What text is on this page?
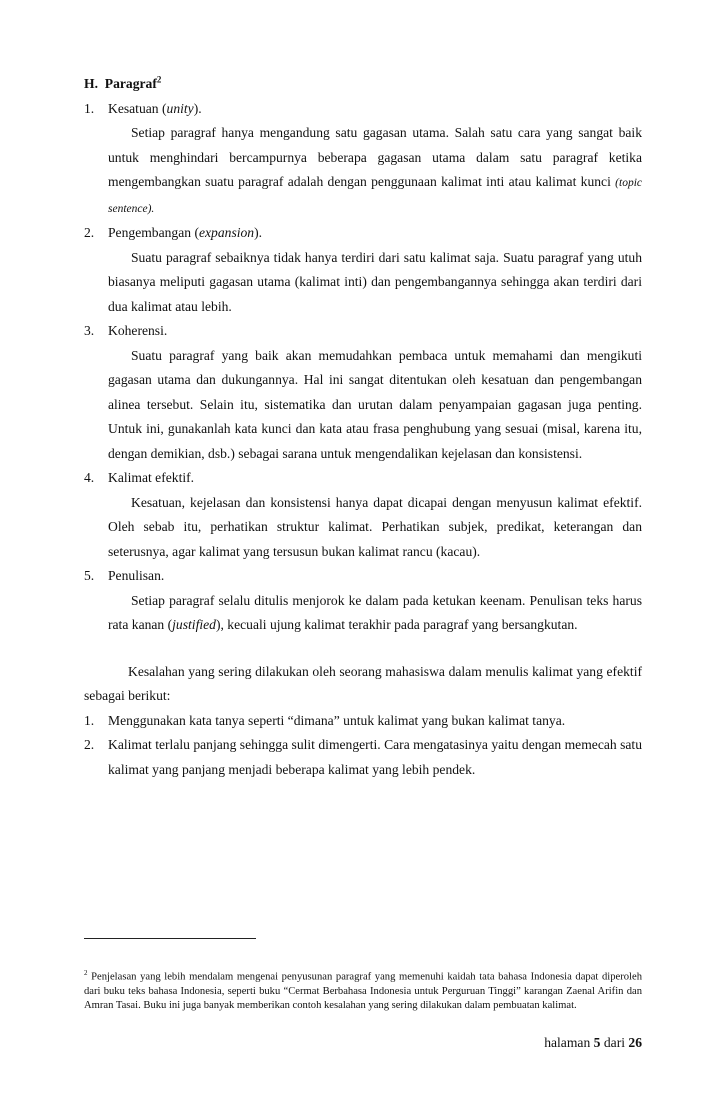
H. Paragraf$^2$

1. Kesatuan (unity).

Setiap paragraf hanya mengandung satu gagasan utama. Salah satu cara yang sangat baik untuk menghindari bercampurnya beberapa gagasan utama dalam satu paragraf ketika mengembangkan suatu paragraf adalah dengan penggunaan kalimat inti atau kalimat kunci (topic sentence).

2. Pengembangan (expansion).

Suatu paragraf sebaiknya tidak hanya terdiri dari satu kalimat saja. Suatu paragraf yang utuh biasanya meliputi gagasan utama (kalimat inti) dan pengembangannya sehingga akan terdiri dari dua kalimat atau lebih.

3. Koherensi.

Suatu paragraf yang baik akan memudahkan pembaca untuk memahami dan mengikuti gagasan utama dan dukungannya. Hal ini sangat ditentukan oleh kesatuan dan pengembangan alinea tersebut. Selain itu, sistematika dan urutan dalam penyampaian gagasan juga penting. Untuk ini, gunakanlah kata kunci dan kata atau frasa penghubung yang sesuai (misal, karena itu, dengan demikian, dsb.) sebagai sarana untuk mengendalikan kejelasan dan konsistensi.

4. Kalimat efektif.

Kesatuan, kejelasan dan konsistensi hanya dapat dicapai dengan menyusun kalimat efektif. Oleh sebab itu, perhatikan struktur kalimat. Perhatikan subjek, predikat, keterangan dan seterusnya, agar kalimat yang tersusun bukan kalimat rancu (kacau).

5. Penulisan.

Setiap paragraf selalu ditulis menjorok ke dalam pada ketukan keenam. Penulisan teks harus rata kanan (justified), kecuali ujung kalimat terakhir pada paragraf yang bersangkutan.

Kesalahan yang sering dilakukan oleh seorang mahasiswa dalam menulis kalimat yang efektif sebagai berikut:

1. Menggunakan kata tanya seperti “dimana” untuk kalimat yang bukan kalimat tanya.
2. Kalimat terlalu panjang sehingga sulit dimengerti. Cara mengatasinya yaitu dengan memecah satu kalimat yang panjang menjadi beberapa kalimat yang lebih pendek.

$^2$ Penjelasan yang lebih mendalam mengenai penyusunan paragraf yang memenuhi kaidah tata bahasa Indonesia dapat diperoleh dari buku teks bahasa Indonesia, seperti buku “Cermat Berbahasa Indonesia untuk Perguruan Tinggi” karangan Zaenal Arifin dan Amran Tasai. Buku ini juga banyak memberikan contoh kesalahan yang sering dilakukan dalam pembuatan kalimat.

halaman 5 dari 26
